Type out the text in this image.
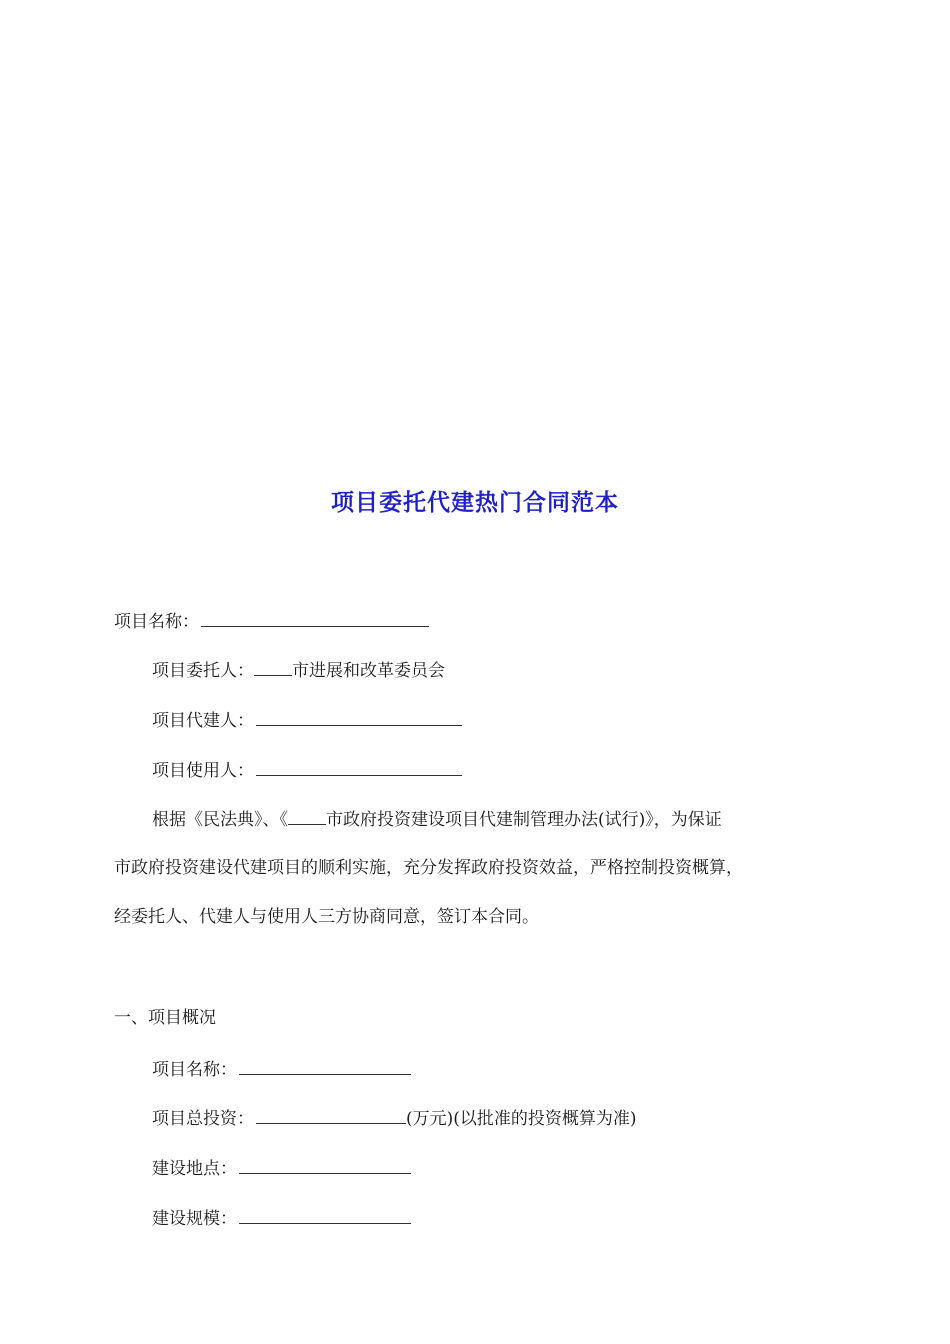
项目委托代建热门合同范本
项目名称：
项目委托人： 市进展和改革委员会
项目代建人：
项目使用人：
根据《民法典》、《 市政府投资建设项目代建制管理办法(试行)》，为保证
市政府投资建设代建项目的顺利实施，充分发挥政府投资效益，严格控制投资概算，
经委托人、代建人与使用人三方协商同意，签订本合同。
一、项目概况
项目名称：
项目总投资：	(万元)(以批准的投资概算为准)
建设地点：
建设规模：
